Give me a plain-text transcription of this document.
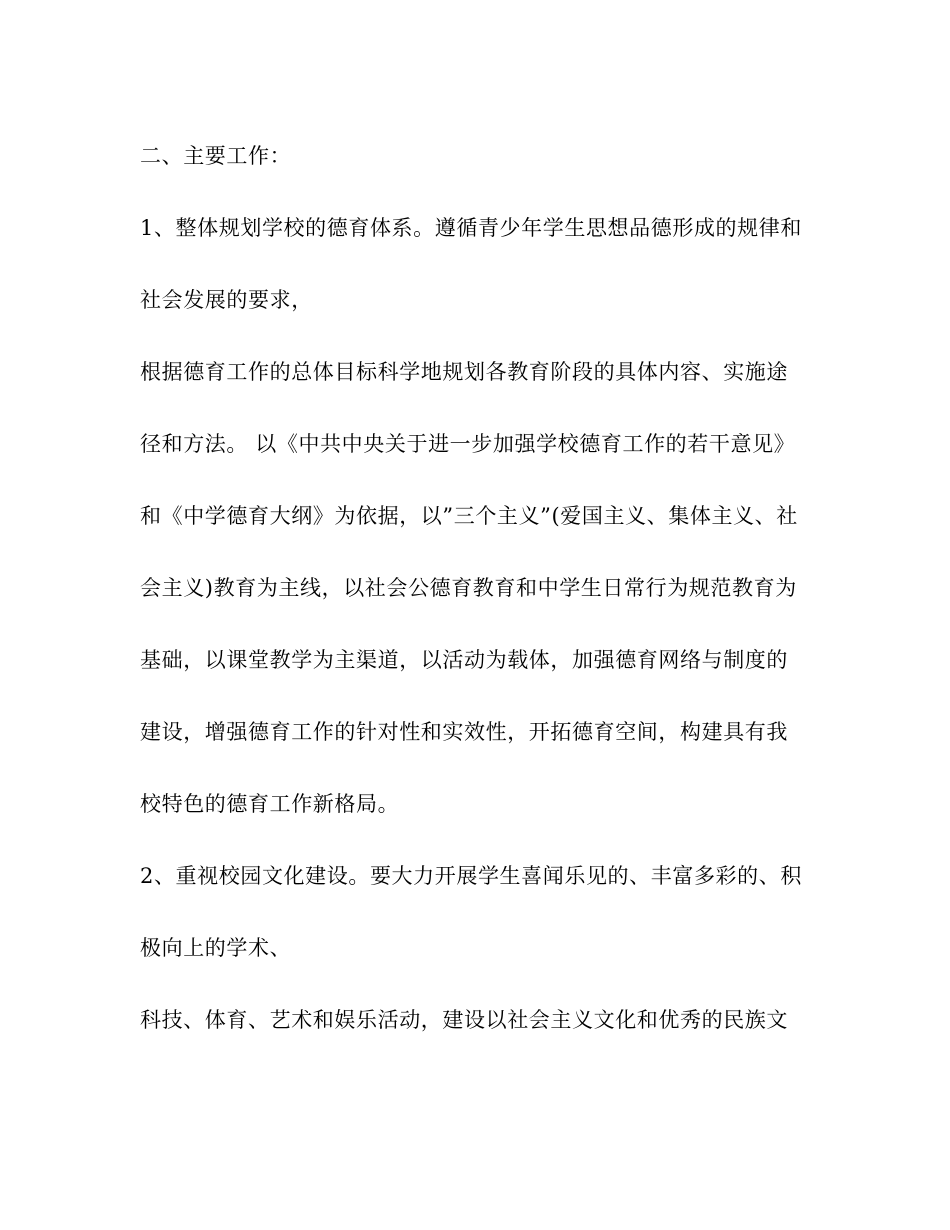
二、主要工作：
1、整体规划学校的德育体系。遵循青少年学生思想品德形成的规律和
社会发展的要求，
根据德育工作的总体目标科学地规划各教育阶段的具体内容、实施途
径和方法。 以《中共中央关于进一步加强学校德育工作的若干意见》
和《中学德育大纲》为依据，以”三个主义”(爱国主义、集体主义、社
会主义)教育为主线，以社会公德育教育和中学生日常行为规范教育为
基础，以课堂教学为主渠道，以活动为载体，加强德育网络与制度的
建设，增强德育工作的针对性和实效性，开拓德育空间，构建具有我
校特色的德育工作新格局。
2、重视校园文化建设。要大力开展学生喜闻乐见的、丰富多彩的、积
极向上的学术、
科技、体育、艺术和娱乐活动，建设以社会主义文化和优秀的民族文
